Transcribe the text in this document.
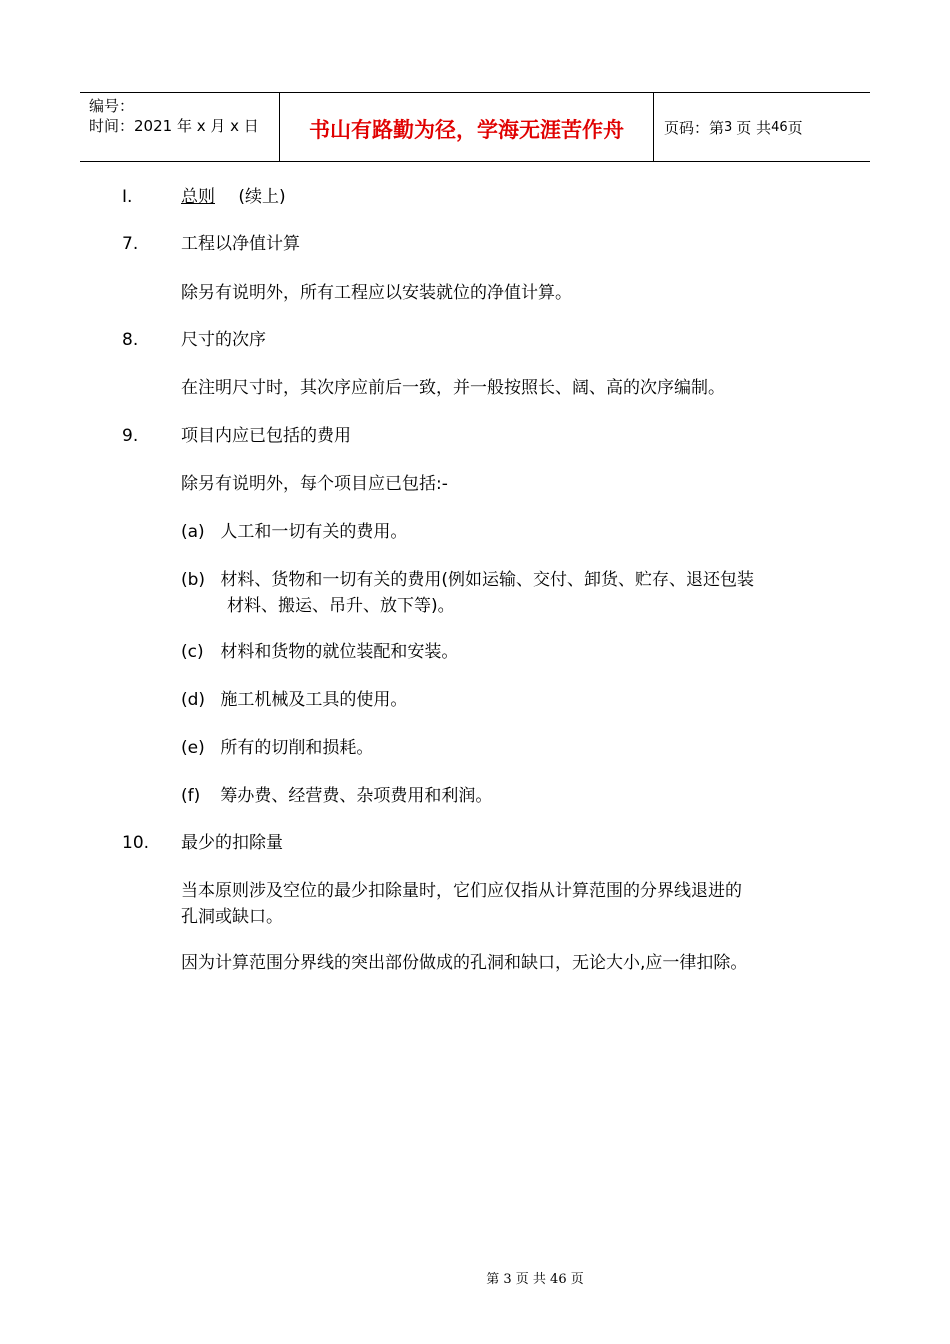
编号：
时间：2021 年 x 月 x 日	书山有路勤为径，学海无涯苦作舟	页码：第 3 页 共 46 页
I.	总则 (续上)
7.	工程以净值计算
除另有说明外，所有工程应以安装就位的净值计算。
8.	尺寸的次序
在注明尺寸时，其次序应前后一致，并一般按照长、阔、高的次序编制。
9.	项目内应已包括的费用
除另有说明外，每个项目应已包括:-
(a) 人工和一切有关的费用。
(b) 材料、货物和一切有关的费用(例如运输、交付、卸货、贮存、退还包装
材料、搬运、吊升、放下等)。
(c) 材料和货物的就位装配和安装。
(d) 施工机械及工具的使用。
(e) 所有的切削和损耗。
(f) 筹办费、经营费、杂项费用和利润。
10. 最少的扣除量
当本原则涉及空位的最少扣除量时，它们应仅指从计算范围的分界线退进的
孔洞或缺口。
因为计算范围分界线的突出部份做成的孔洞和缺口，无论大小,应一律扣除。
第 3 页 共 46 页
